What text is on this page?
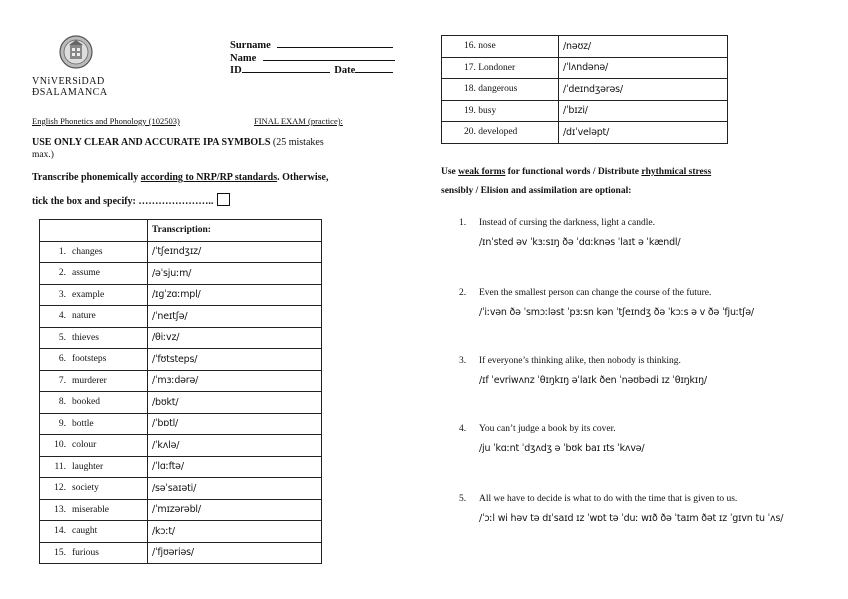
VNiVERSiDAD
ÐSALAMANCA
Surname
Name
ID	Date
English Phonetics and Phonology (102503)	FINAL EXAM (practice):
USE ONLY CLEAR AND ACCURATE IPA SYMBOLS (25 mistakes
max.)
Transcribe phonemically according to NRP/RP standards. Otherwise,
tick the box and specify: …………………..
	Transcription:
1. changes	/ˈtʃeɪndʒɪz/
2. assume	/əˈsjuːm/
3. example	/ɪgˈzɑːmpl/
4. nature	/ˈneɪtʃə/
5. thieves	/θiːvz/
6. footsteps	/ˈfʊtsteps/
7. murderer	/ˈmɜːdərə/
8. booked	/bʊkt/
9. bottle	/ˈbɒtl/
10. colour	/ˈkʌlə/
11. laughter	/ˈlɑːftə/
12. society	/səˈsaɪəti/
13. miserable	/ˈmɪzərəbl/
14. caught	/kɔːt/
15. furious	/ˈfjʊəriəs/
16. nose	/nəʊz/
17. Londoner	/ˈlʌndənə/
18. dangerous	/ˈdeɪndʒərəs/
19. busy	/ˈbɪzi/
20. developed	/dɪˈveləpt/
Use weak forms for functional words / Distribute rhythmical stress
sensibly / Elision and assimilation are optional:
1. Instead of cursing the darkness, light a candle.
/ɪnˈsted əv ˈkɜːsɪŋ ðə ˈdɑːknəs ˈlaɪt ə ˈkændl/
2. Even the smallest person can change the course of the future.
/ˈiːvən ðə ˈsmɔːləst ˈpɜːsn kən ˈtʃeɪndʒ ðə ˈkɔːs ə v ðə ˈfjuːtʃə/
3. If everyone’s thinking alike, then nobody is thinking.
/ɪf ˈevriwʌnz ˈθɪŋkɪŋ əˈlaɪk ðen ˈnəʊbədi ɪz ˈθɪŋkɪŋ/
4. You can’t judge a book by its cover.
/ju ˈkɑːnt ˈdʒʌdʒ ə ˈbʊk baɪ ɪts ˈkʌvə/
5. All we have to decide is what to do with the time that is given to us.
/ˈɔːl wi həv tə dɪˈsaɪd ɪz ˈwɒt tə ˈduː wɪð ðə ˈtaɪm ðət ɪz ˈgɪvn tu ˈʌs/
